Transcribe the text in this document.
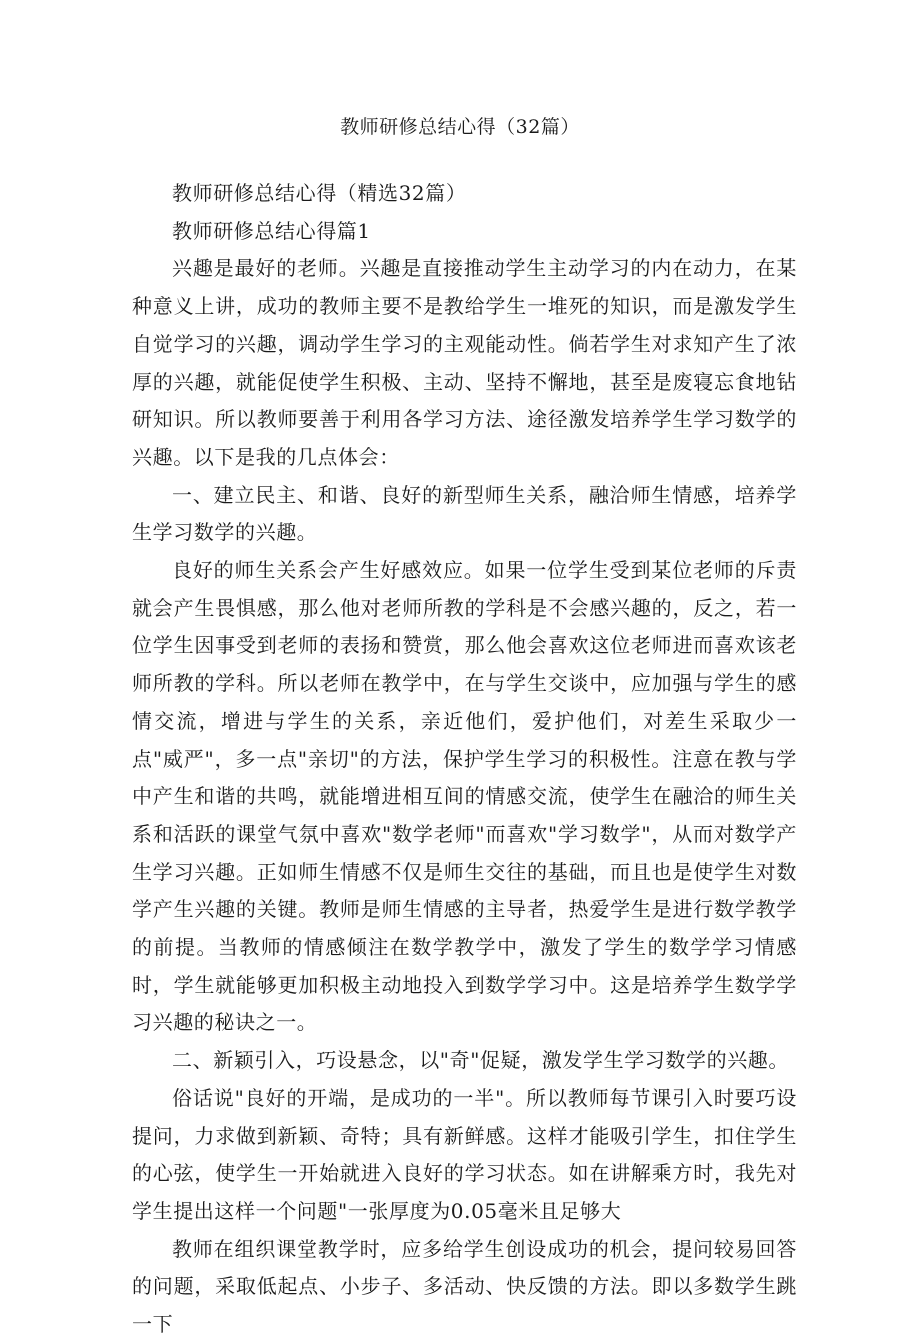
教师研修总结心得（32篇）

教师研修总结心得（精选32篇）

教师研修总结心得篇1

兴趣是最好的老师。兴趣是直接推动学生主动学习的内在动力，在某种意义上讲，成功的教师主要不是教给学生一堆死的知识，而是激发学生自觉学习的兴趣，调动学生学习的主观能动性。倘若学生对求知产生了浓厚的兴趣，就能促使学生积极、主动、坚持不懈地，甚至是废寝忘食地钻研知识。所以教师要善于利用各学习方法、途径激发培养学生学习数学的兴趣。以下是我的几点体会：

一、建立民主、和谐、良好的新型师生关系，融洽师生情感，培养学生学习数学的兴趣。

良好的师生关系会产生好感效应。如果一位学生受到某位老师的斥责就会产生畏惧感，那么他对老师所教的学科是不会感兴趣的，反之，若一位学生因事受到老师的表扬和赞赏，那么他会喜欢这位老师进而喜欢该老师所教的学科。所以老师在教学中，在与学生交谈中，应加强与学生的感情交流，增进与学生的关系，亲近他们，爱护他们，对差生采取少一点"威严"，多一点"亲切"的方法，保护学生学习的积极性。注意在教与学中产生和谐的共鸣，就能增进相互间的情感交流，使学生在融洽的师生关系和活跃的课堂气氛中喜欢"数学老师"而喜欢"学习数学"，从而对数学产生学习兴趣。正如师生情感不仅是师生交往的基础，而且也是使学生对数学产生兴趣的关键。教师是师生情感的主导者，热爱学生是进行数学教学的前提。当教师的情感倾注在数学教学中，激发了学生的数学学习情感时，学生就能够更加积极主动地投入到数学学习中。这是培养学生数学学习兴趣的秘诀之一。

二、新颖引入，巧设悬念，以"奇"促疑，激发学生学习数学的兴趣。

俗话说"良好的开端，是成功的一半"。所以教师每节课引入时要巧设提问，力求做到新颖、奇特；具有新鲜感。这样才能吸引学生，扣住学生的心弦，使学生一开始就进入良好的学习状态。如在讲解乘方时，我先对学生提出这样一个问题"一张厚度为0.05毫米且足够大

教师在组织课堂教学时，应多给学生创设成功的机会，提问较易回答的问题，采取低起点、小步子、多活动、快反馈的方法。即以多数学生跳一下
